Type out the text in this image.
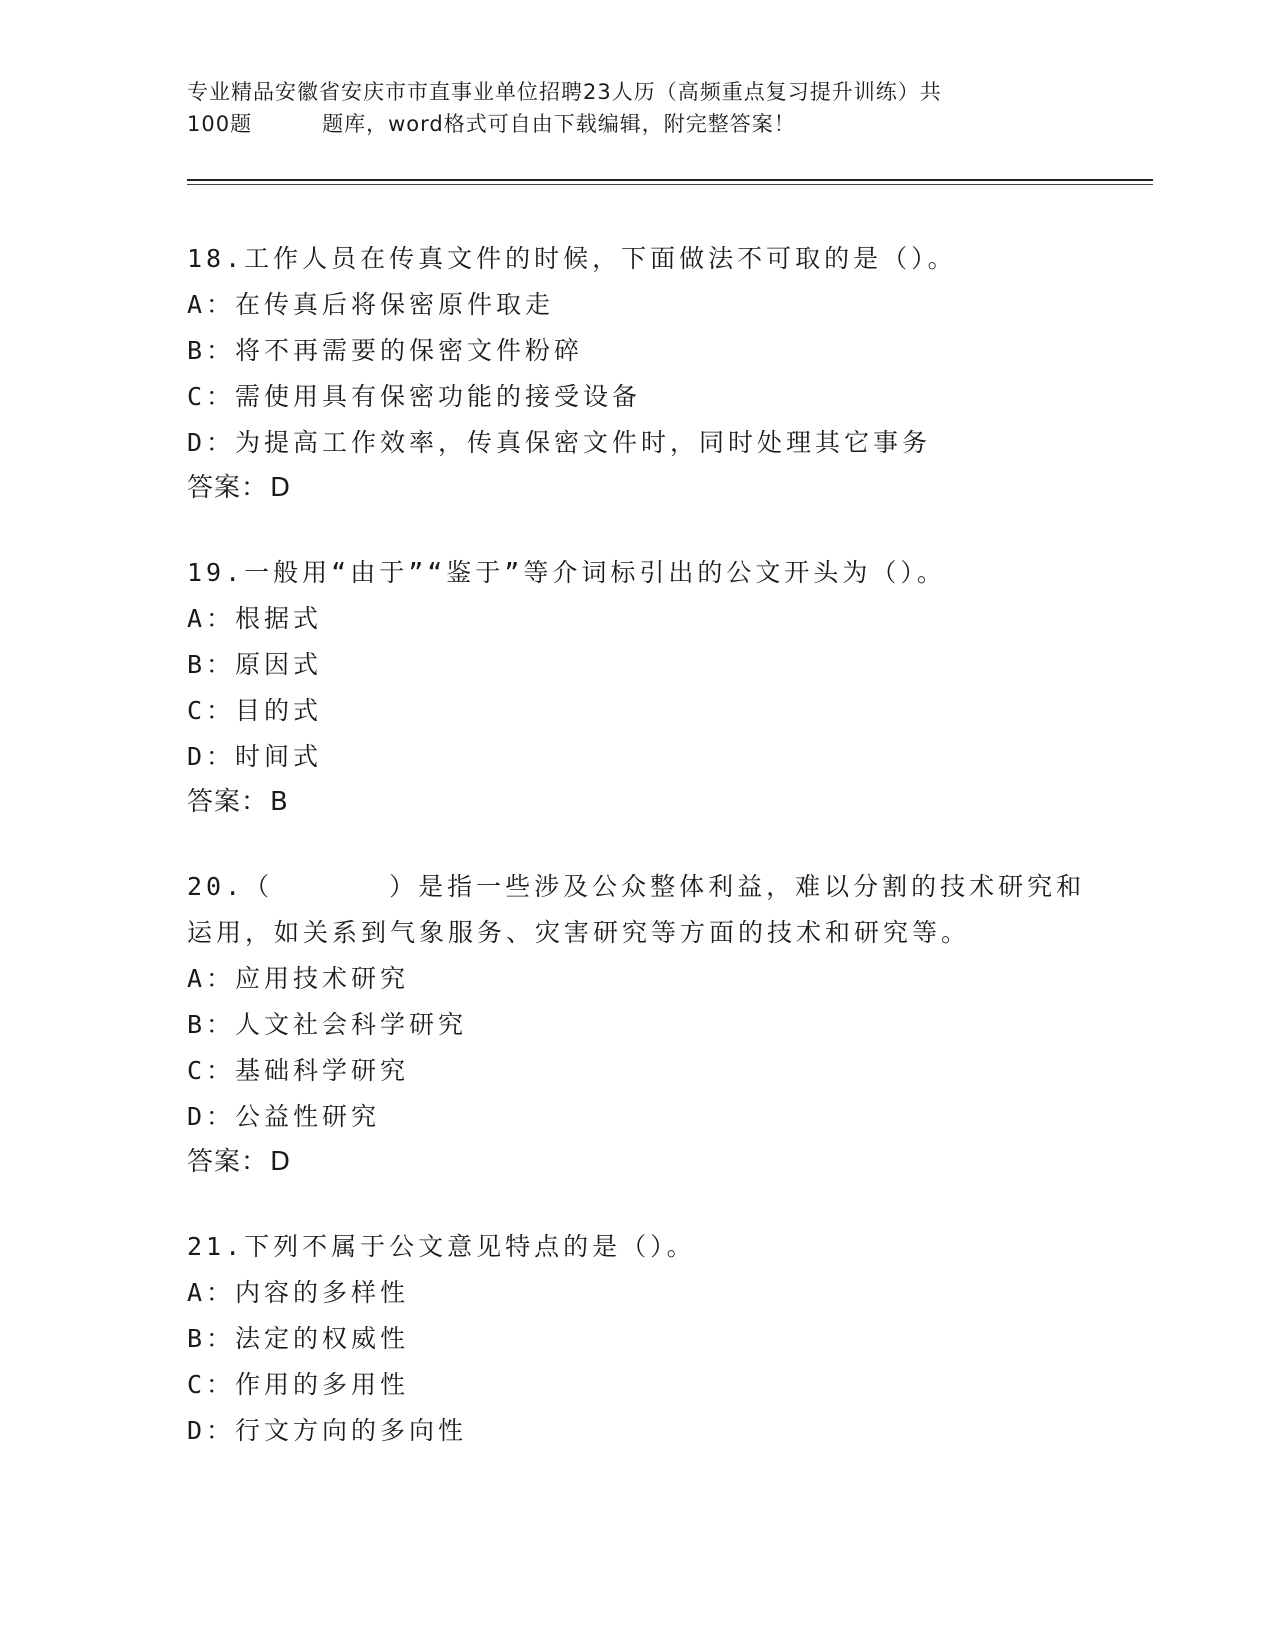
专业精品安徽省安庆市市直事业单位招聘23人历（高频重点复习提升训练）共
100题	题库，word格式可自由下载编辑，附完整答案！
18.工作人员在传真文件的时候，下面做法不可取的是（）。
A：在传真后将保密原件取走
B：将不再需要的保密文件粉碎
C：需使用具有保密功能的接受设备
D：为提高工作效率，传真保密文件时，同时处理其它事务
答案：D
19.一般用“由于”“鉴于”等介词标引出的公文开头为（）。
A：根据式
B：原因式
C：目的式
D：时间式
答案：B
20.（　　　　）是指一些涉及公众整体利益，难以分割的技术研究和
运用，如关系到气象服务、灾害研究等方面的技术和研究等。
A：应用技术研究
B：人文社会科学研究
C：基础科学研究
D：公益性研究
答案：D
21.下列不属于公文意见特点的是（）。
A：内容的多样性
B：法定的权威性
C：作用的多用性
D：行文方向的多向性
